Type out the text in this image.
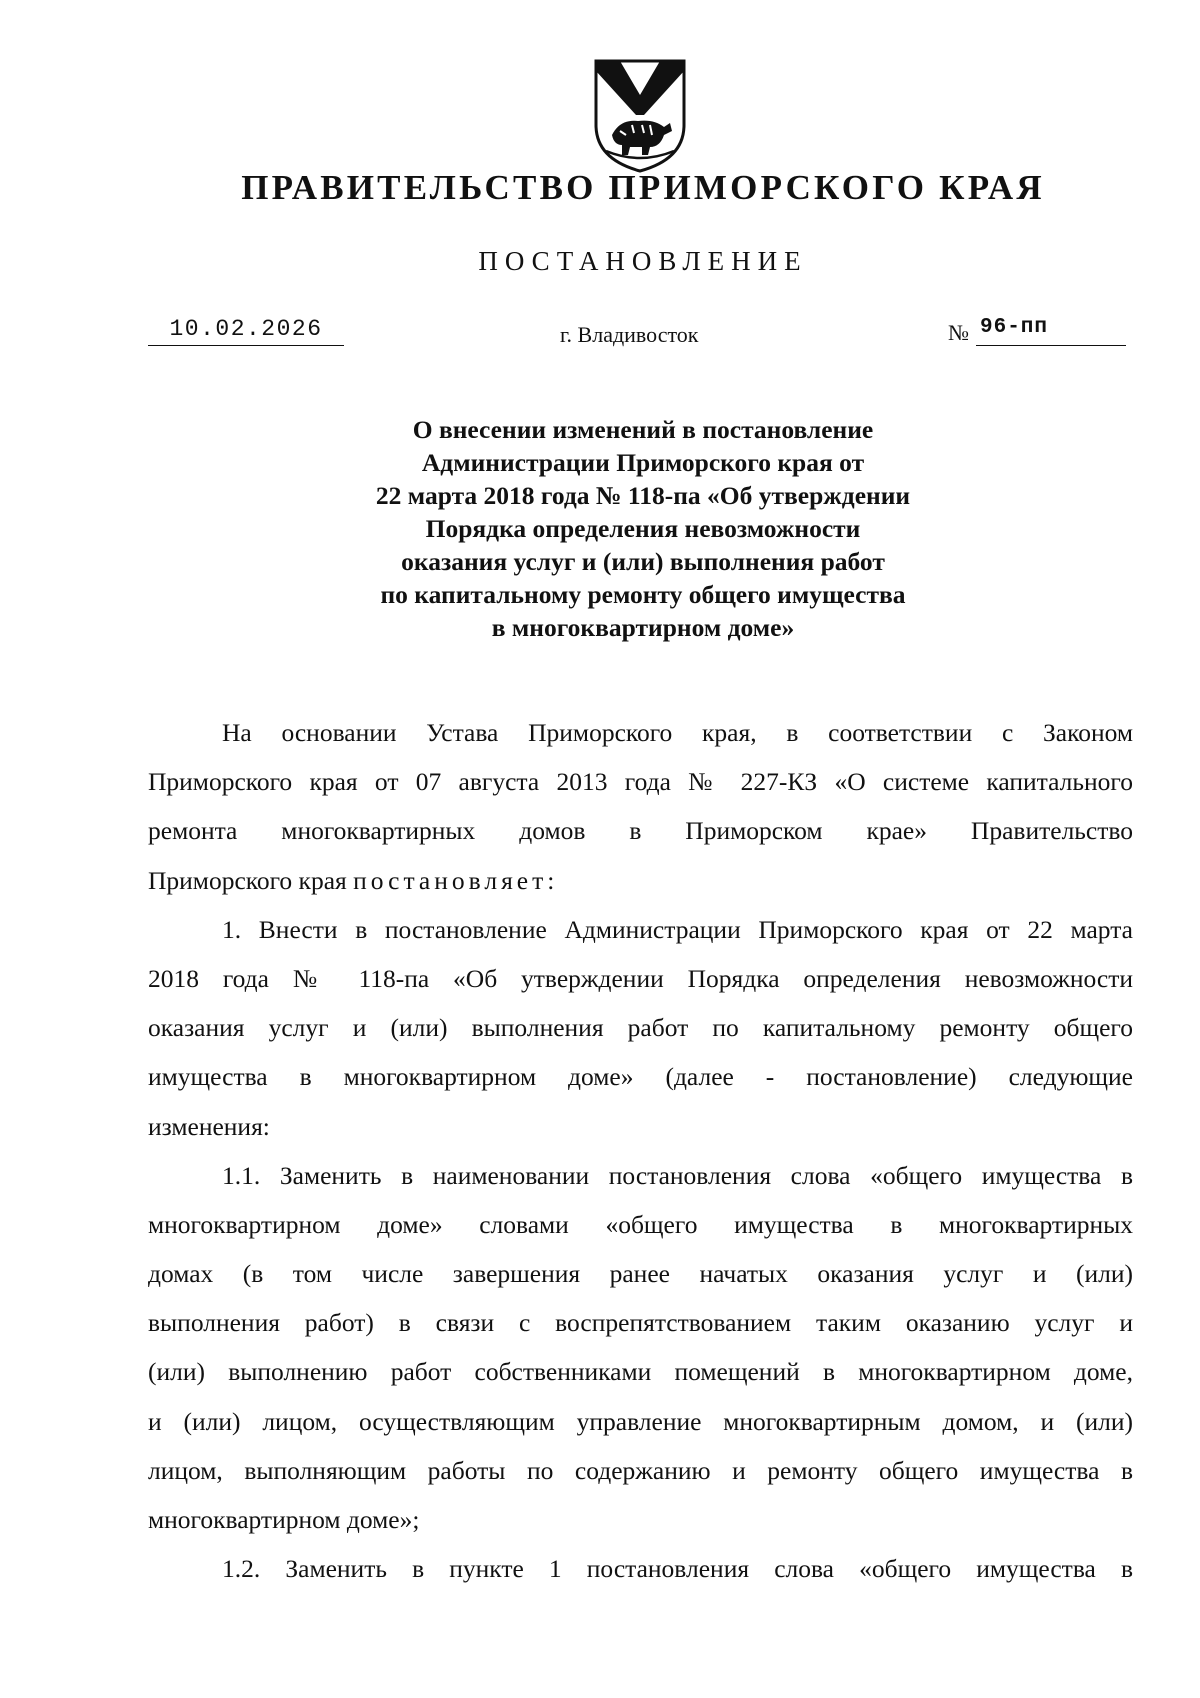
ПРАВИТЕЛЬСТВО ПРИМОРСКОГО КРАЯ
ПОСТАНОВЛЕНИЕ
10.02.2026	г. Владивосток	№ 96-пп
О внесении изменений в постановление
Администрации Приморского края от
22 марта 2018 года № 118-па «Об утверждении
Порядка определения невозможности
оказания услуг и (или) выполнения работ
по капитальному ремонту общего имущества
в многоквартирном доме»
На основании Устава Приморского края, в соответствии с Законом
Приморского края от 07 августа 2013 года № 227-КЗ «О системе капитального
ремонта многоквартирных домов в Приморском крае» Правительство
Приморского края постановляет:
1. Внести в постановление Администрации Приморского края от 22 марта
2018 года № 118-па «Об утверждении Порядка определения невозможности
оказания услуг и (или) выполнения работ по капитальному ремонту общего
имущества в многоквартирном доме» (далее - постановление) следующие
изменения:
1.1. Заменить в наименовании постановления слова «общего имущества в
многоквартирном доме» словами «общего имущества в многоквартирных
домах (в том числе завершения ранее начатых оказания услуг и (или)
выполнения работ) в связи с воспрепятствованием таким оказанию услуг и
(или) выполнению работ собственниками помещений в многоквартирном доме,
и (или) лицом, осуществляющим управление многоквартирным домом, и (или)
лицом, выполняющим работы по содержанию и ремонту общего имущества в
многоквартирном доме»;
1.2. Заменить в пункте 1 постановления слова «общего имущества в
